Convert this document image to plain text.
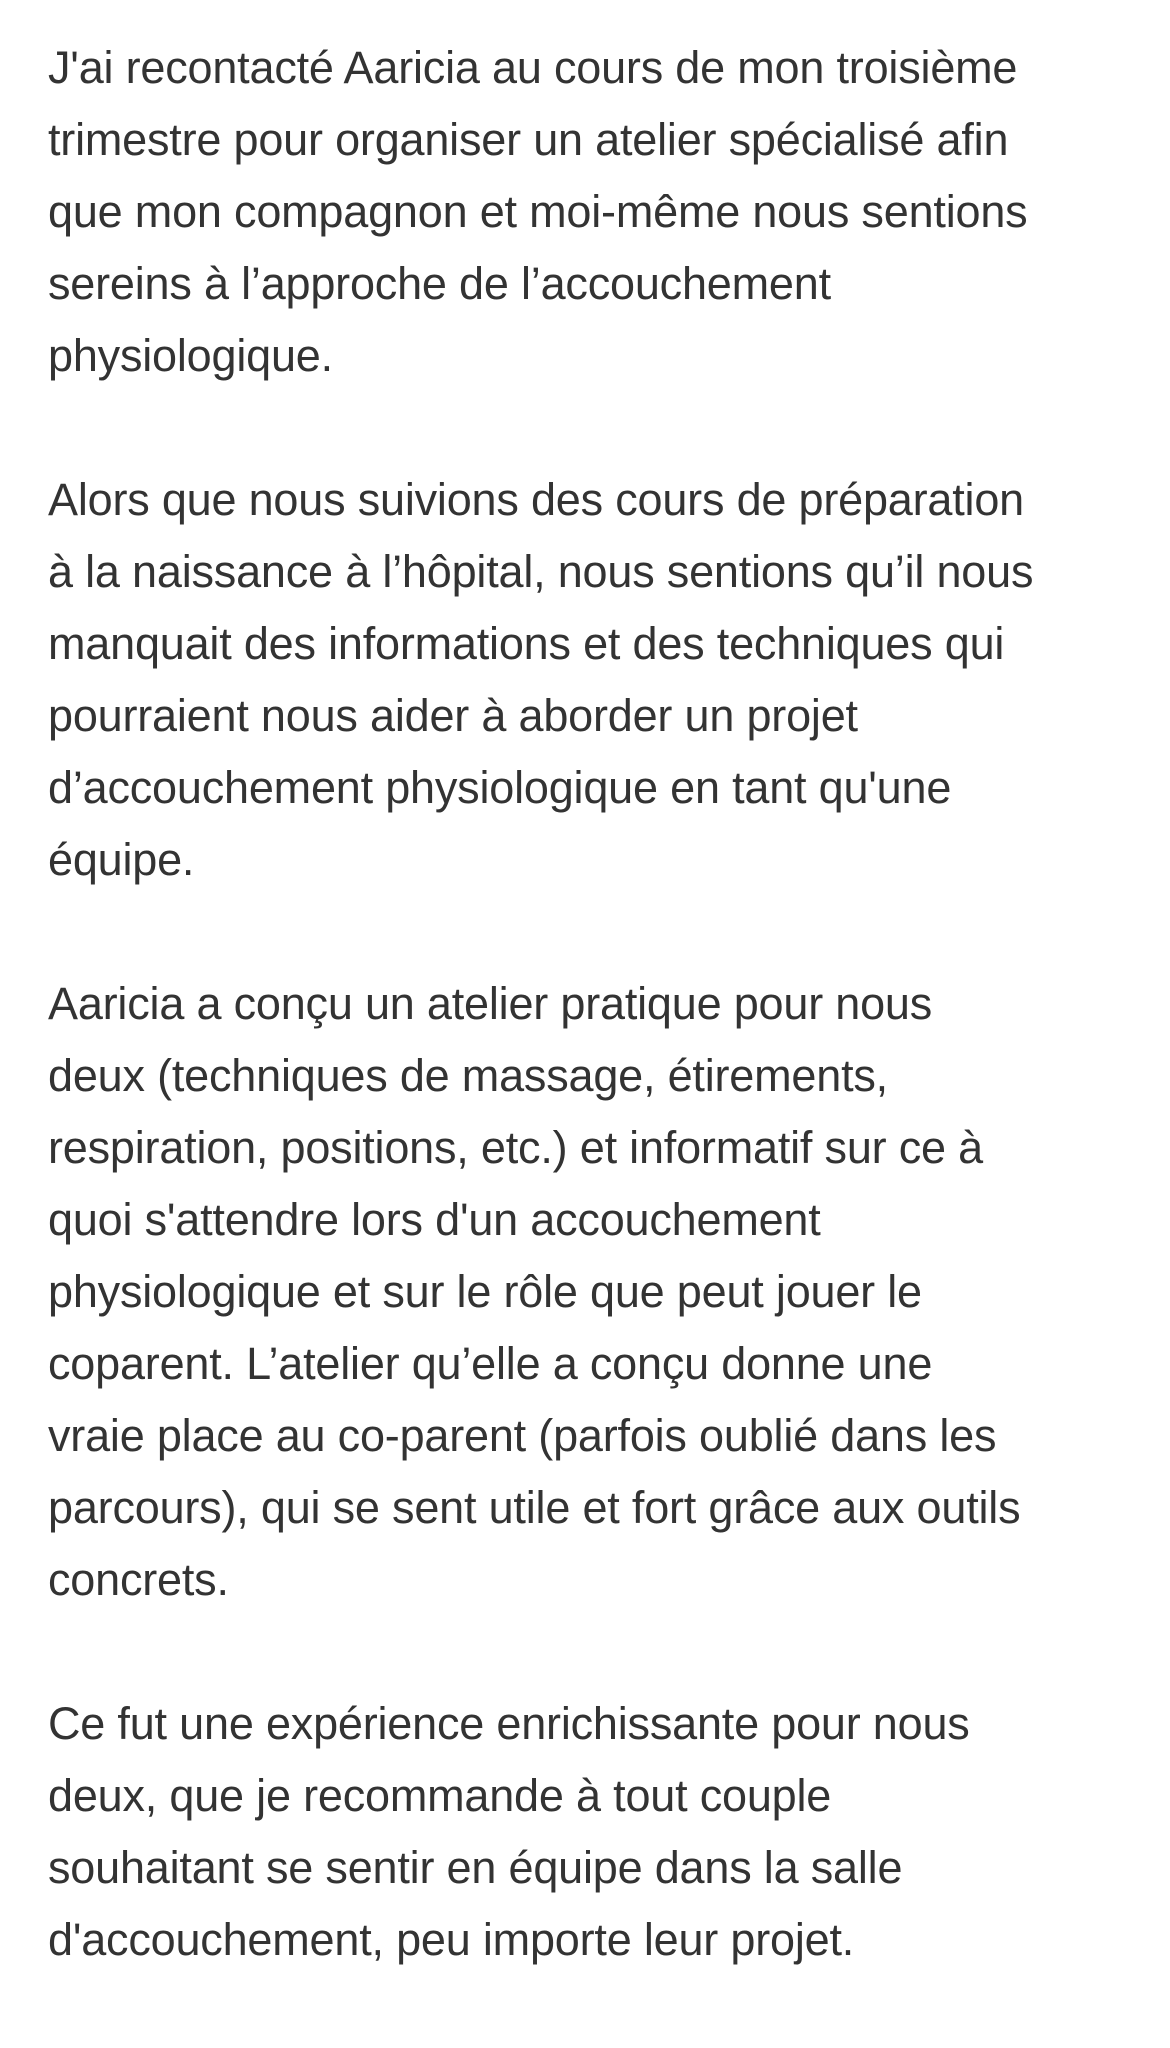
J'ai recontacté Aaricia au cours de mon troisième
trimestre pour organiser un atelier spécialisé afin
que mon compagnon et moi-même nous sentions
sereins à l’approche de l’accouchement
physiologique.

Alors que nous suivions des cours de préparation
à la naissance à l’hôpital, nous sentions qu’il nous
manquait des informations et des techniques qui
pourraient nous aider à aborder un projet
d’accouchement physiologique en tant qu'une
équipe.

Aaricia a conçu un atelier pratique pour nous
deux (techniques de massage, étirements,
respiration, positions, etc.) et informatif sur ce à
quoi s'attendre lors d'un accouchement
physiologique et sur le rôle que peut jouer le
coparent. L’atelier qu’elle a conçu donne une
vraie place au co-parent (parfois oublié dans les
parcours), qui se sent utile et fort grâce aux outils
concrets.

Ce fut une expérience enrichissante pour nous
deux, que je recommande à tout couple
souhaitant se sentir en équipe dans la salle
d'accouchement, peu importe leur projet.
